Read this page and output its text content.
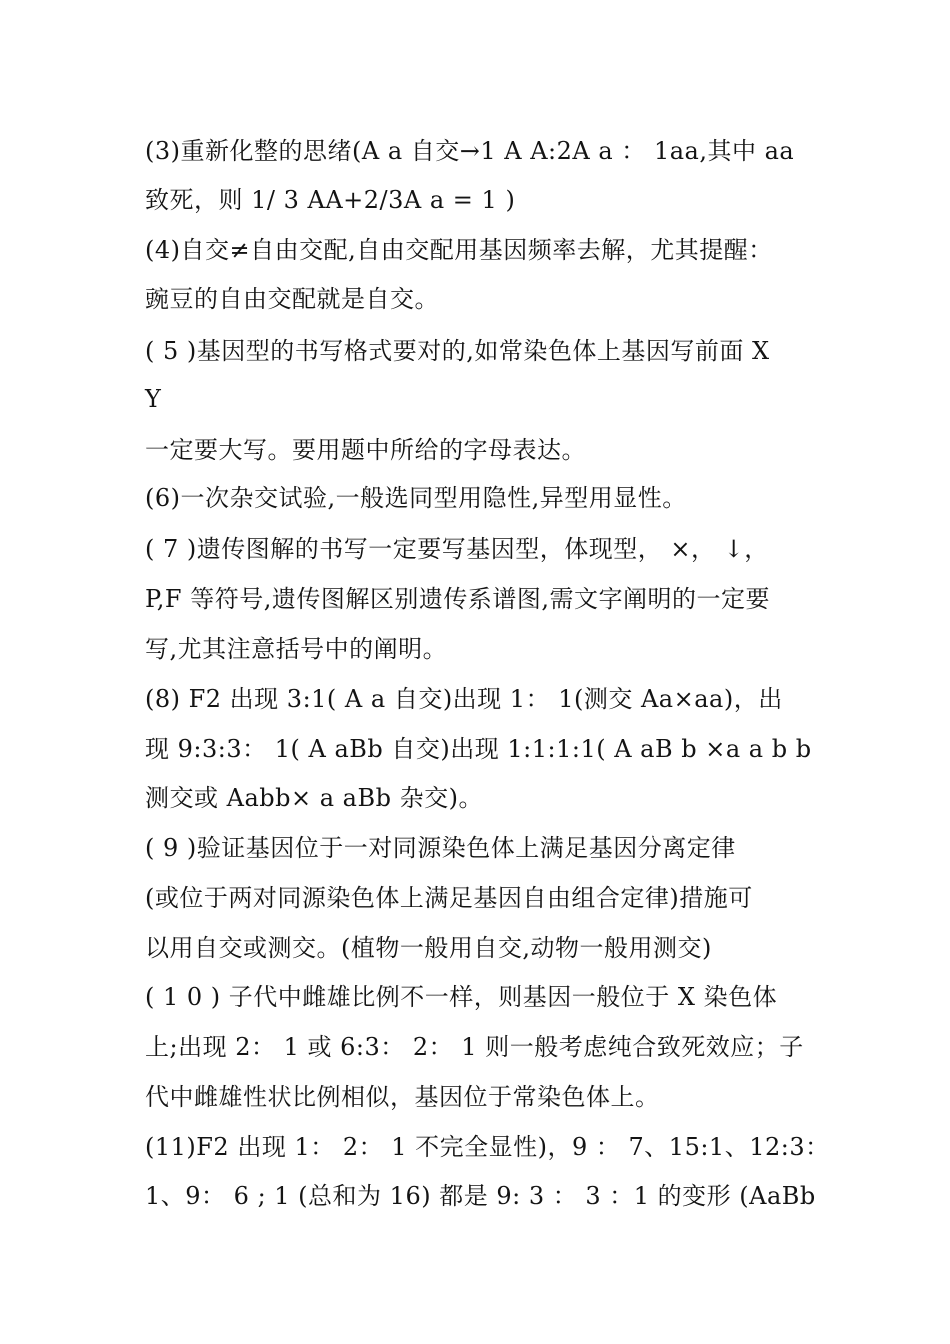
(3)重新化整的思绪(A a 自交→1 A A:2A a ： 1aa,其中 aa
致死，则 1/ 3 AA+2/3A a = 1 )
(4)自交≠自由交配,自由交配用基因频率去解，尤其提醒：
豌豆的自由交配就是自交。
( 5 )基因型的书写格式要对的,如常染色体上基因写前面 X
Y
一定要大写。要用题中所给的字母表达。
(6)一次杂交试验,一般选同型用隐性,异型用显性。
( 7 )遗传图解的书写一定要写基因型，体现型， ×， ↓，
P,F 等符号,遗传图解区别遗传系谱图,需文字阐明的一定要
写,尤其注意括号中的阐明。
(8) F2 出现 3:1( A a 自交)出现 1： 1(测交 Aa×aa)，出
现 9:3:3： 1( A aBb 自交)出现 1:1:1:1( A aB b ×a a b b
测交或 Aabb× a aBb 杂交)。
( 9 )验证基因位于一对同源染色体上满足基因分离定律
(或位于两对同源染色体上满足基因自由组合定律)措施可
以用自交或测交。(植物一般用自交,动物一般用测交)
( 1 0 ) 子代中雌雄比例不一样，则基因一般位于 X 染色体
上;出现 2： 1 或 6:3： 2： 1 则一般考虑纯合致死效应；子
代中雌雄性状比例相似，基因位于常染色体上。
(11)F2 出现 1： 2： 1 不完全显性)，9 ： 7、15:1、12:3：
1、9： 6 ; 1 (总和为 16) 都是 9: 3 ： 3 ：1 的变形 (AaBb
